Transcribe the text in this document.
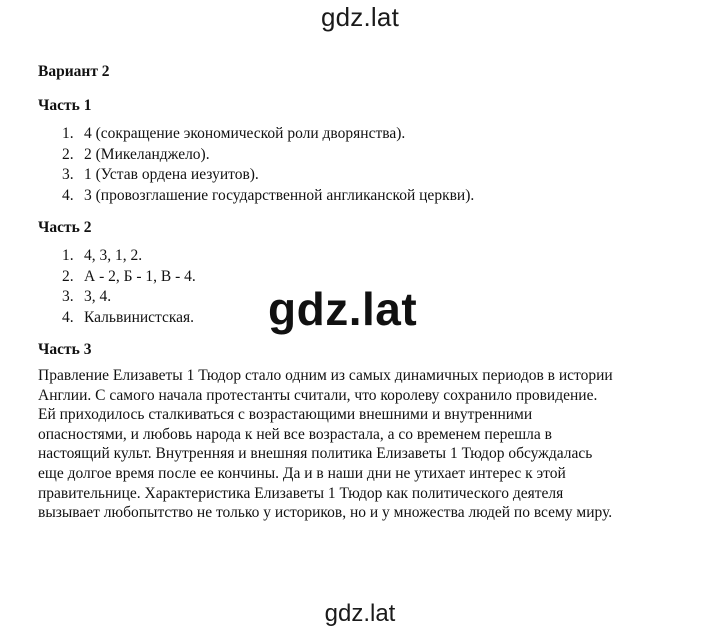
gdz.lat

Вариант 2

Часть 1

1. 4 (сокращение экономической роли дворянства).
2. 2 (Микеланджело).
3. 1 (Устав ордена иезуитов).
4. 3 (провозглашение государственной англиканской церкви).

Часть 2

1. 4, 3, 1, 2.
2. А - 2, Б - 1, В - 4.
3. 3, 4.
4. Кальвинистская.

Часть 3

Правление Елизаветы 1 Тюдор стало одним из самых динамичных периодов в истории
Англии. С самого начала протестанты считали, что королеву сохранило провидение.
Ей приходилось сталкиваться с возрастающими внешними и внутренними
опасностями, и любовь народа к ней все возрастала, а со временем перешла в
настоящий культ. Внутренняя и внешняя политика Елизаветы 1 Тюдор обсуждалась
еще долгое время после ее кончины. Да и в наши дни не утихает интерес к этой
правительнице. Характеристика Елизаветы 1 Тюдор как политического деятеля
вызывает любопытство не только у историков, но и у множества людей по всему миру.

gdz.lat
gdz.lat
